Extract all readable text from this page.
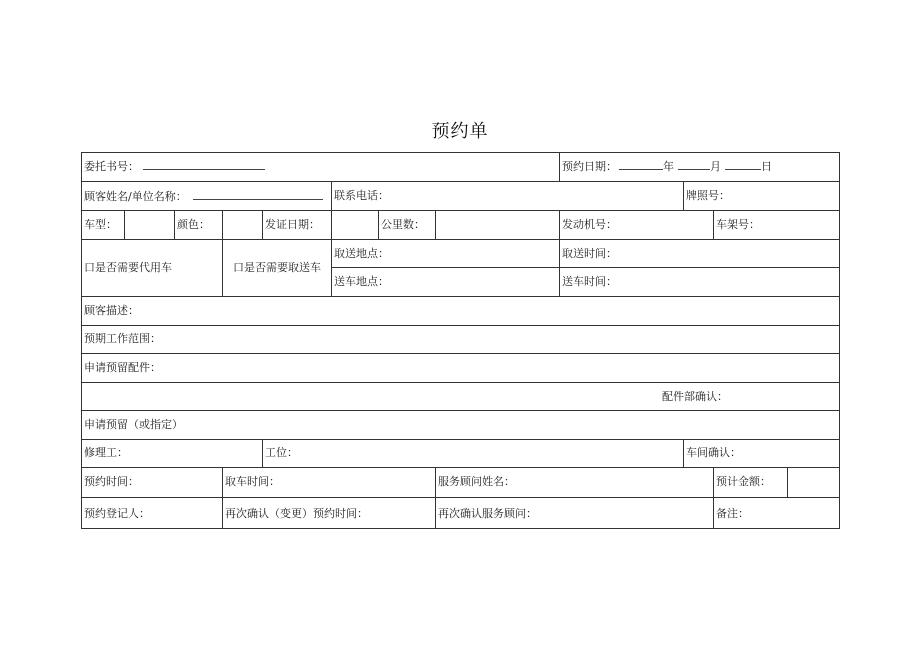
预约单
委托书号：	预约日期：	年	月	日
顾客姓名/单位名称：	联系电话：	牌照号：
车型：	颜色：	发证日期：	公里数：	发动机号：	车架号：
口是否需要代用车	口是否需要取送车
取送地点：	取送时间：
送车地点：	送车时间：
顾客描述：
预期工作范围：
申请预留配件：
配件部确认：
申请预留（或指定）
修理工：	工位：	车间确认：
预约时间：	取车时间：	服务顾问姓名：	预计金额：
预约登记人：	再次确认（变更）预约时间：	再次确认服务顾问：	备注：
